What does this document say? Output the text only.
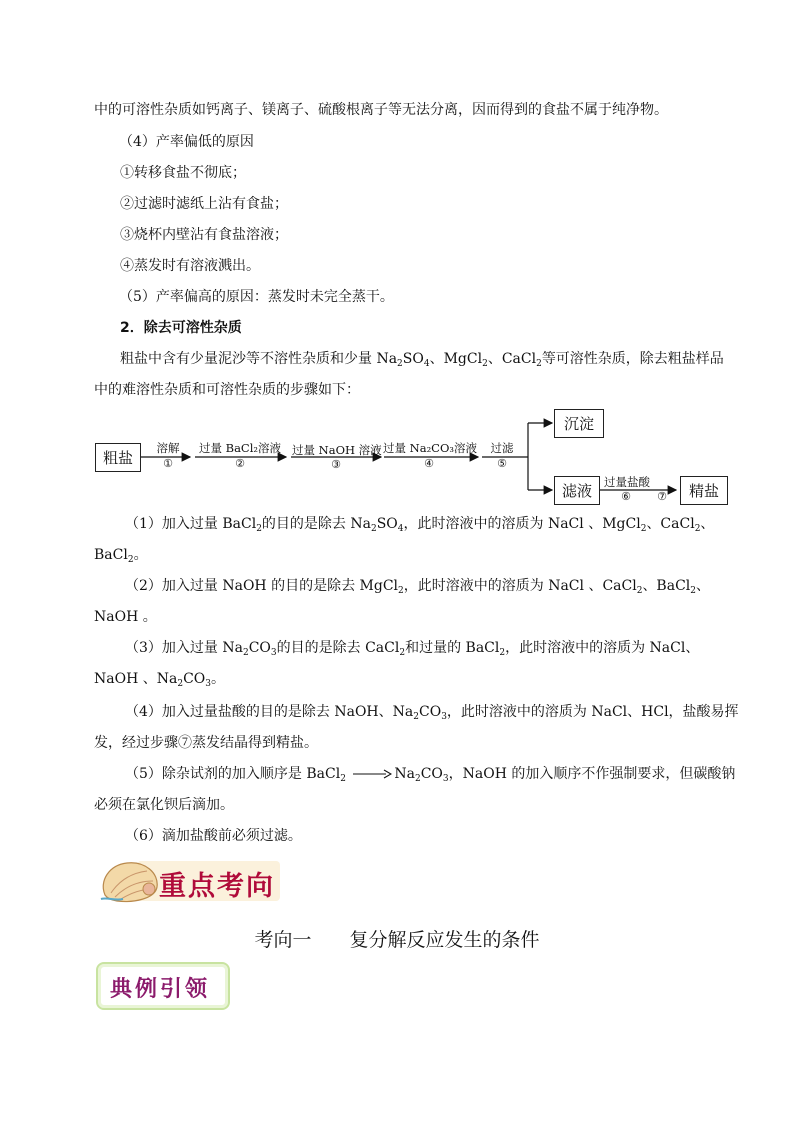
中的可溶性杂质如钙离子、镁离子、硫酸根离子等无法分离，因而得到的食盐不属于纯净物。
（4）产率偏低的原因
①转移食盐不彻底；
②过滤时滤纸上沾有食盐；
③烧杯内壁沾有食盐溶液；
④蒸发时有溶液溅出。
（5）产率偏高的原因：蒸发时未完全蒸干。
2．除去可溶性杂质
粗盐中含有少量泥沙等不溶性杂质和少量 $Na_2SO_4$、MgCl$_2$、CaCl$_2$等可溶性杂质，除去粗盐样品
中的难溶性杂质和可溶性杂质的步骤如下：
粗盐
溶解
①
过量 BaCl₂溶液
②
过量 NaOH 溶液
③
过量 Na₂CO₃溶液
④
过滤
⑤
沉淀
滤液	过量盐酸
⑥	⑦	精盐
（1）加入过量 BaCl$_2$的目的是除去 $Na_2SO_4$，此时溶液中的溶质为 NaCl 、MgCl$_2$、CaCl$_2$、
BaCl$_2$。
（2）加入过量 NaOH 的目的是除去 MgCl$_2$，此时溶液中的溶质为 NaCl 、CaCl$_2$、BaCl$_2$、
NaOH 。
（3）加入过量 $Na_2CO_3$的目的是除去 CaCl$_2$和过量的 BaCl$_2$，此时溶液中的溶质为 NaCl、
NaOH 、$Na_2CO_3$。
（4）加入过量盐酸的目的是除去 NaOH、$Na_2CO_3$，此时溶液中的溶质为 NaCl、HCl，盐酸易挥
发，经过步骤⑦蒸发结晶得到精盐。
（5）除杂试剂的加入顺序是 BaCl$_2$	$Na_2CO_3$，NaOH 的加入顺序不作强制要求，但碳酸钠
必须在氯化钡后滴加。
（6）滴加盐酸前必须过滤。
重点考向
考向一 复分解反应发生的条件
典例引领
